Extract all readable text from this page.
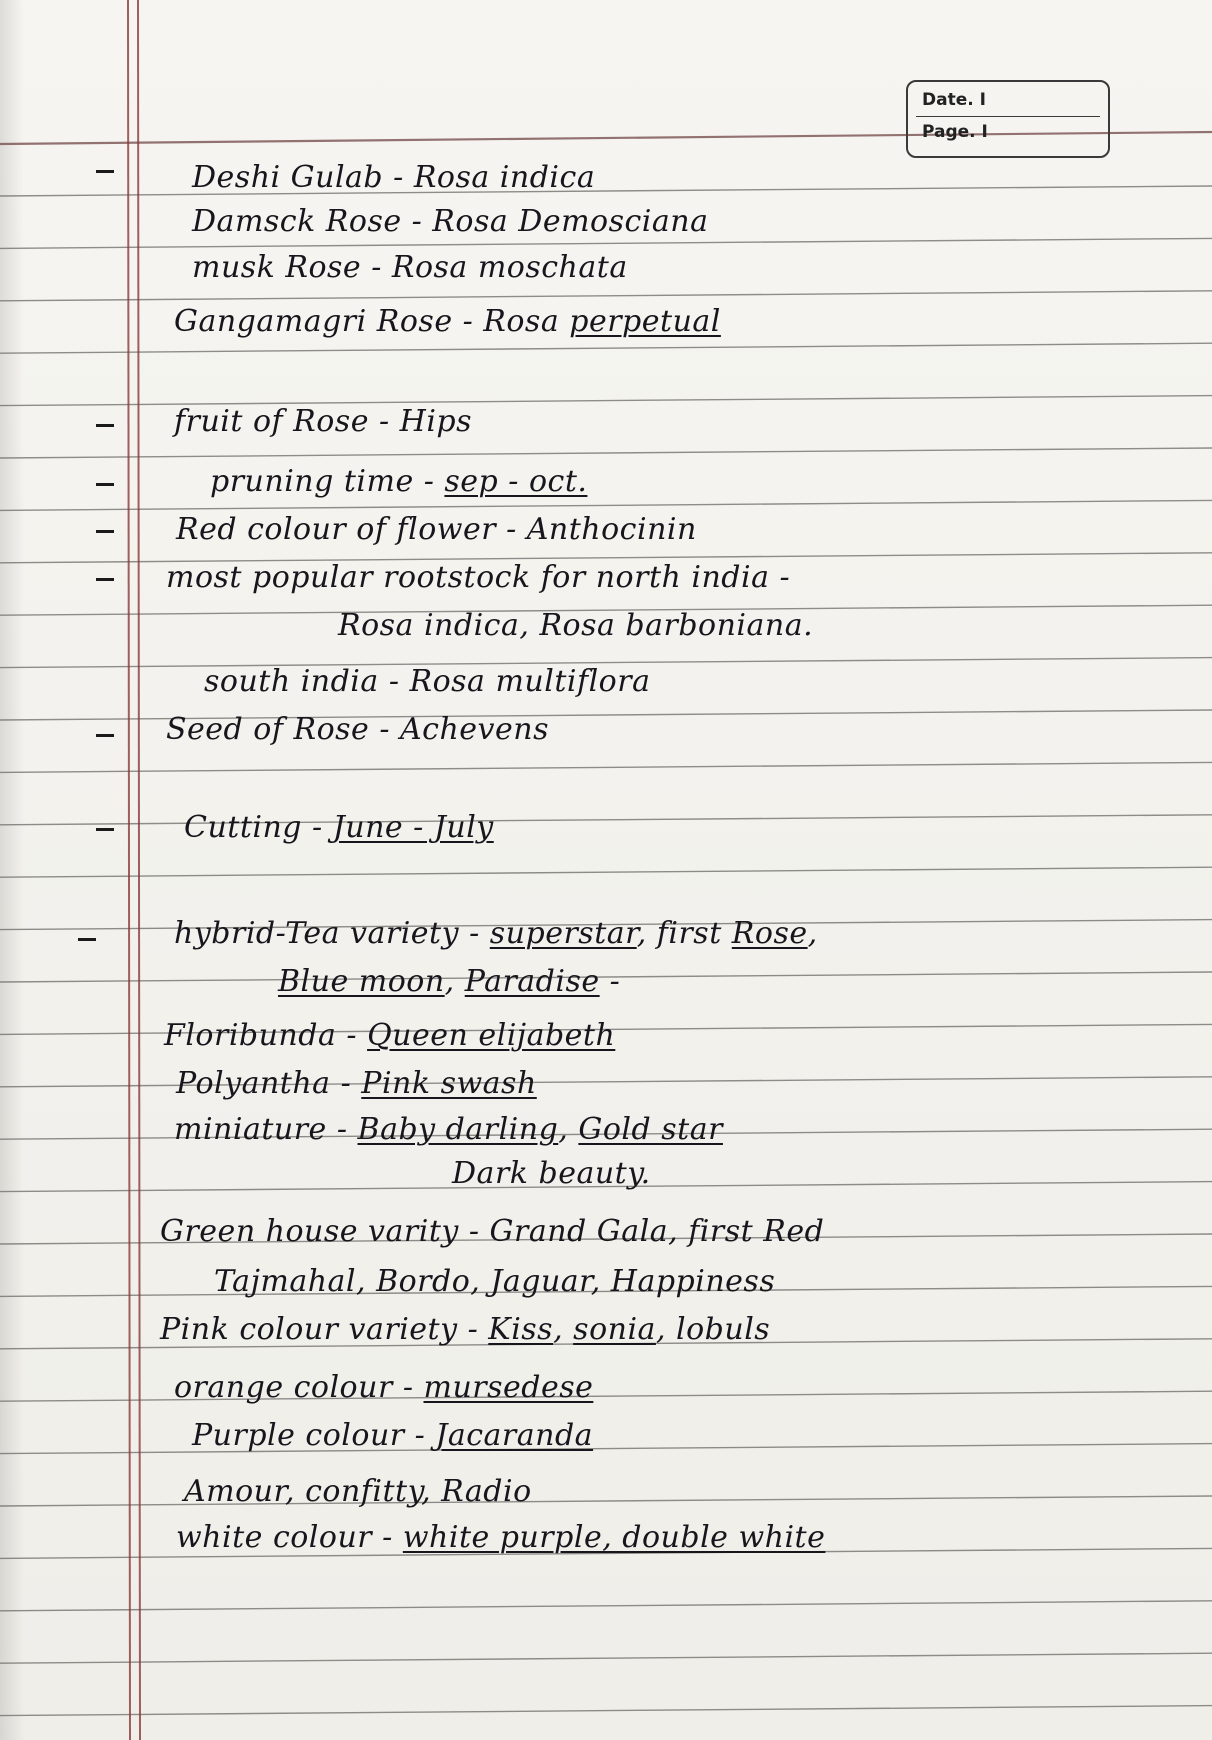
Date. I
Page. I
Deshi Gulab - Rosa indica
Damsck Rose - Rosa Demosciana
musk Rose - Rosa moschata
Gangamagri Rose - Rosa perpetual
fruit of Rose - Hips
pruning time - sep - oct.
Red colour of flower - Anthocinin
most popular rootstock for north india -
Rosa indica, Rosa barboniana.
south india - Rosa multiflora
Seed of Rose - Achevens
Cutting - June - July
hybrid-Tea variety - superstar, first Rose,
Blue moon, Paradise -
Floribunda - Queen elijabeth
Polyantha - Pink swash
miniature - Baby darling, Gold star
Dark beauty.
Green house varity - Grand Gala, first Red
Tajmahal, Bordo, Jaguar, Happiness
Pink colour variety - Kiss, sonia, lobuls
orange colour - mursedese
Purple colour - Jacaranda
Amour, confitty, Radio
white colour - white purple, double white
